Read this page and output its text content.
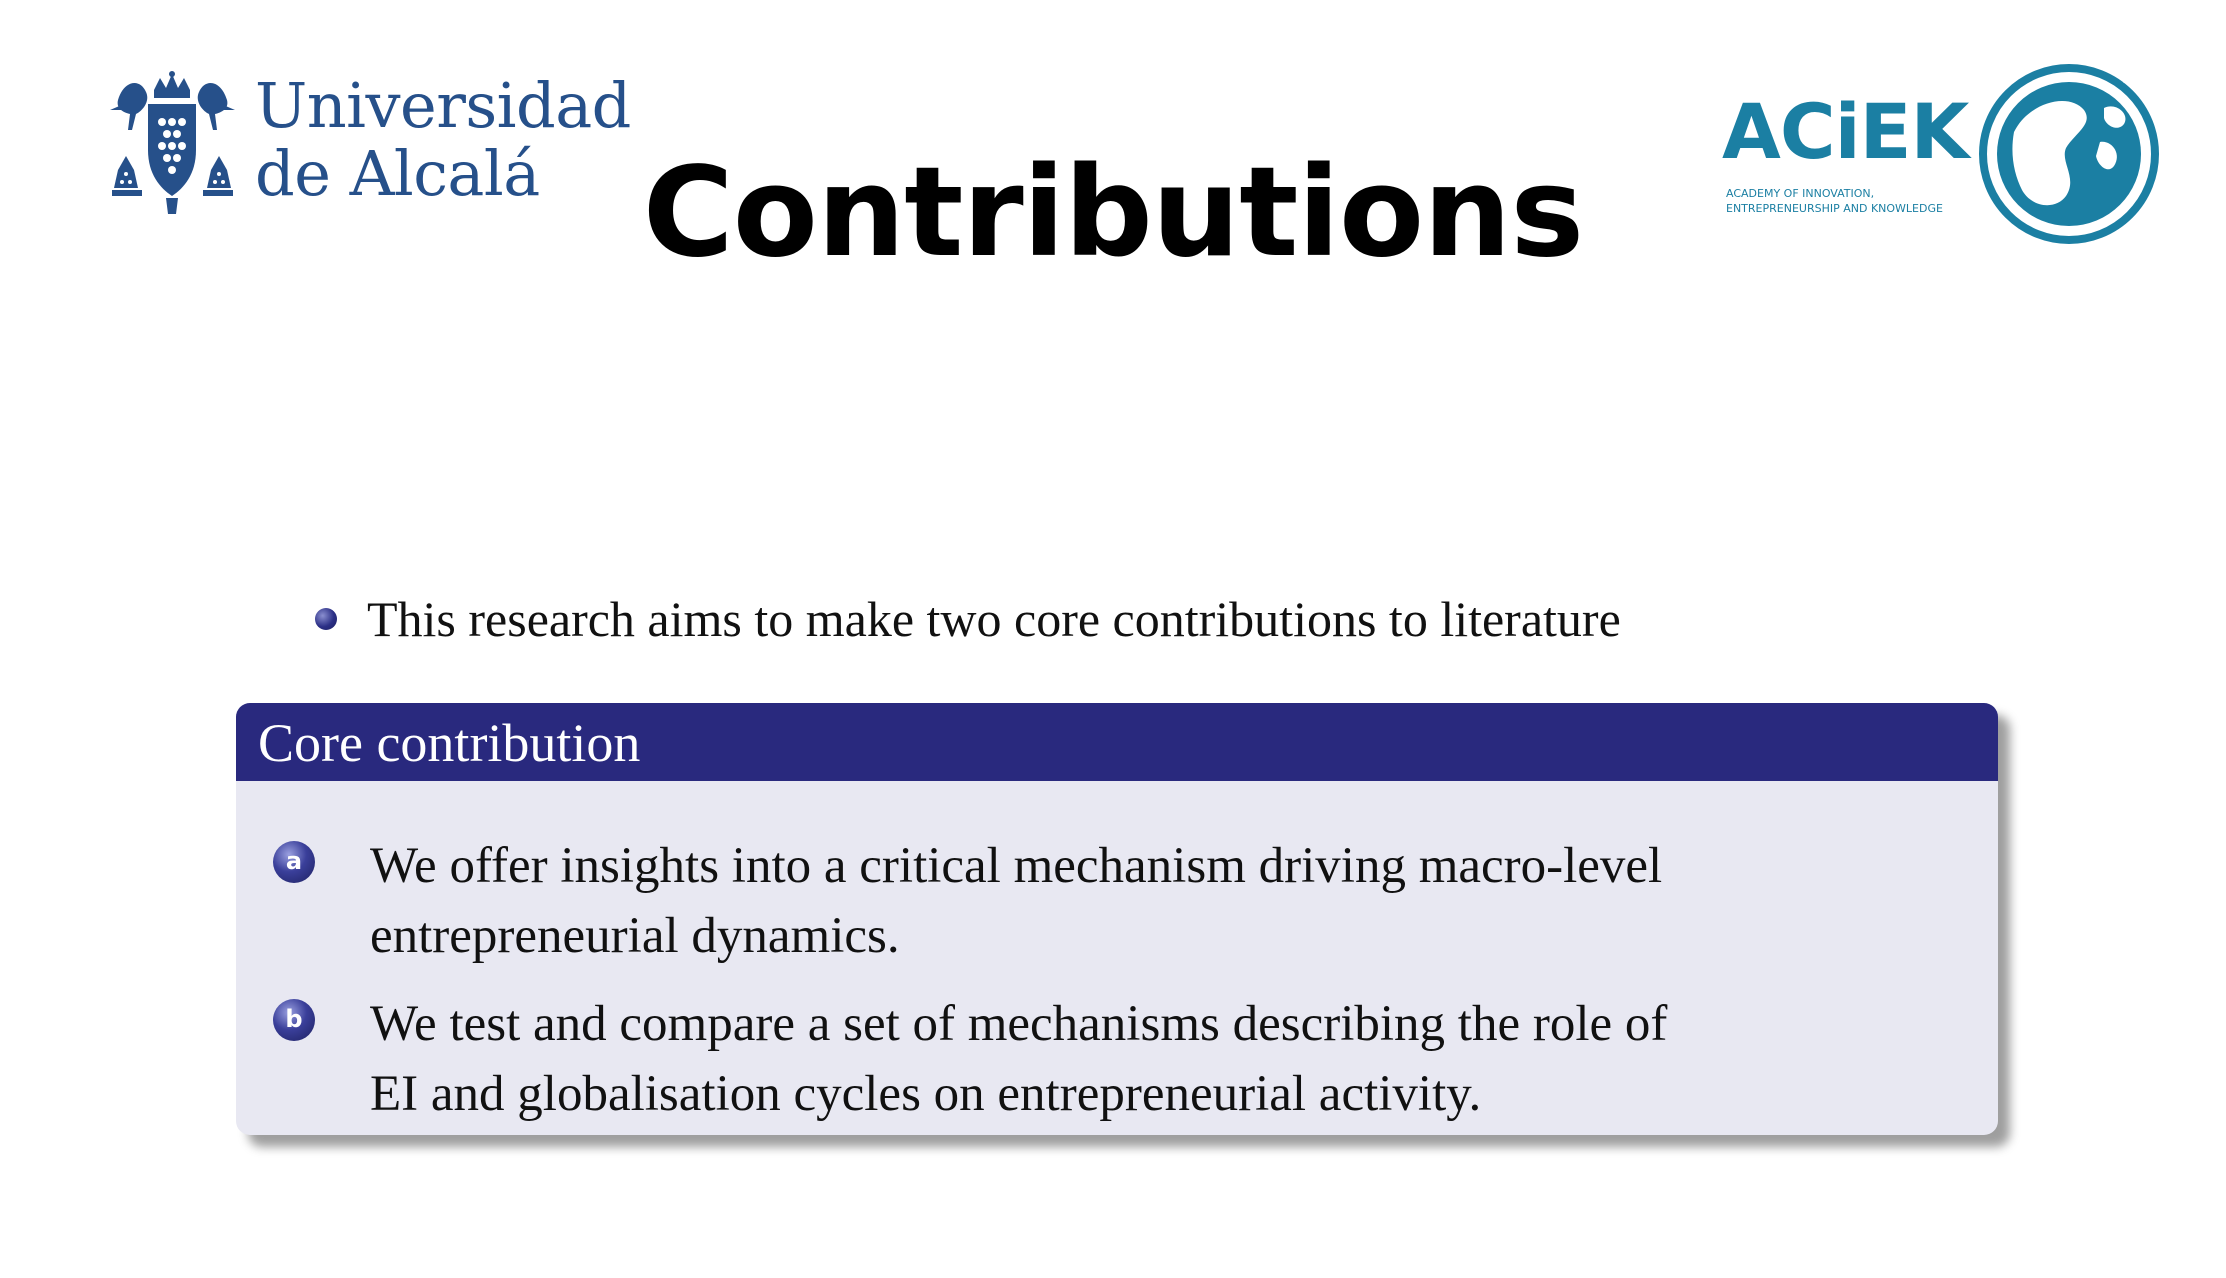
Universidad
de Alcalá	ACiEK
ACADEMY OF INNOVATION,
ENTREPRENEURSHIP AND KNOWLEDGE
Contributions
This research aims to make two core contributions to literature
Core contribution
a We offer insights into a critical mechanism driving macro-level
entrepreneurial dynamics.
b We test and compare a set of mechanisms describing the role of
EI and globalisation cycles on entrepreneurial activity.
